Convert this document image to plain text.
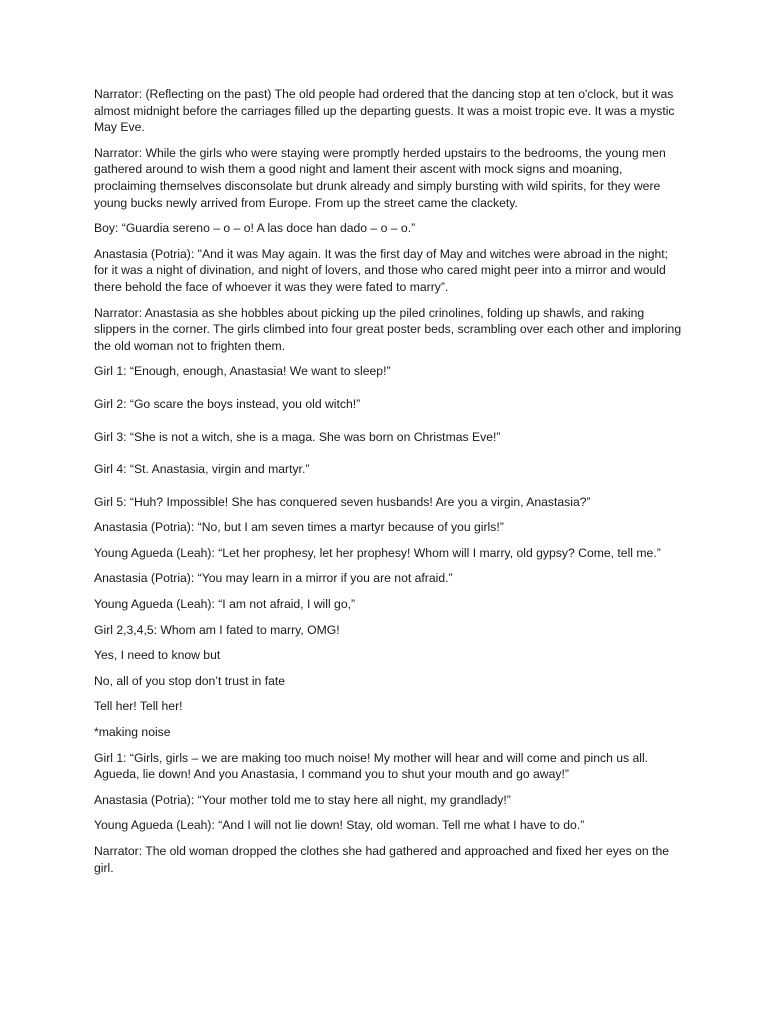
Narrator: (Reflecting on the past) The old people had ordered that the dancing stop at ten o'clock, but it was almost midnight before the carriages filled up the departing guests. It was a moist tropic eve. It was a mystic May Eve.

Narrator: While the girls who were staying were promptly herded upstairs to the bedrooms, the young men gathered around to wish them a good night and lament their ascent with mock signs and moaning, proclaiming themselves disconsolate but drunk already and simply bursting with wild spirits, for they were young bucks newly arrived from Europe. From up the street came the clackety.

Boy: “Guardia sereno – o – o! A las doce han dado – o – o.”

Anastasia (Potria): "And it was May again. It was the first day of May and witches were abroad in the night; for it was a night of divination, and night of lovers, and those who cared might peer into a mirror and would there behold the face of whoever it was they were fated to marry”.

Narrator: Anastasia as she hobbles about picking up the piled crinolines, folding up shawls, and raking slippers in the corner. The girls climbed into four great poster beds, scrambling over each other and imploring the old woman not to frighten them.

Girl 1: “Enough, enough, Anastasia! We want to sleep!”

Girl 2: “Go scare the boys instead, you old witch!”

Girl 3: “She is not a witch, she is a maga. She was born on Christmas Eve!”

Girl 4: “St. Anastasia, virgin and martyr.”

Girl 5: “Huh? Impossible! She has conquered seven husbands! Are you a virgin, Anastasia?”

Anastasia (Potria): “No, but I am seven times a martyr because of you girls!”

Young Agueda (Leah): “Let her prophesy, let her prophesy! Whom will I marry, old gypsy? Come, tell me.”

Anastasia (Potria): “You may learn in a mirror if you are not afraid.”

Young Agueda (Leah): “I am not afraid, I will go,”

Girl 2,3,4,5: Whom am I fated to marry, OMG!

Yes, I need to know but

No, all of you stop don’t trust in fate

Tell her! Tell her!

*making noise

Girl 1: “Girls, girls – we are making too much noise! My mother will hear and will come and pinch us all. Agueda, lie down! And you Anastasia, I command you to shut your mouth and go away!”

Anastasia (Potria): “Your mother told me to stay here all night, my grandlady!”

Young Agueda (Leah): “And I will not lie down! Stay, old woman. Tell me what I have to do.”

Narrator: The old woman dropped the clothes she had gathered and approached and fixed her eyes on the girl.
